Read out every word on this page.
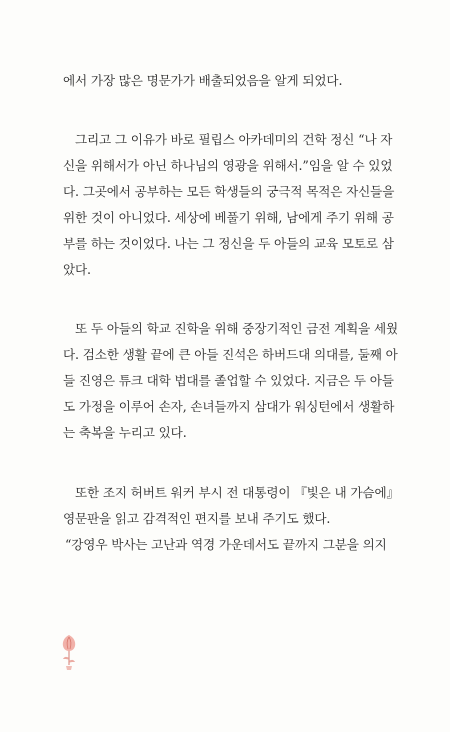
에서 가장 많은 명문가가 배출되었음을 알게 되었다.
그리고 그 이유가 바로 필립스 아카데미의 건학 정신 “나 자
신을 위해서가 아닌 하나님의 영광을 위해서.”임을 알 수 있었
다. 그곳에서 공부하는 모든 학생들의 궁극적 목적은 자신들을
위한 것이 아니었다. 세상에 베풀기 위해, 남에게 주기 위해 공
부를 하는 것이었다. 나는 그 정신을 두 아들의 교육 모토로 삼
았다.
또 두 아들의 학교 진학을 위해 중장기적인 금전 계획을 세웠
다. 검소한 생활 끝에 큰 아들 진석은 하버드대 의대를, 둘째 아
들 진영은 튜크 대학 법대를 졸업할 수 있었다. 지금은 두 아들
도 가정을 이루어 손자, 손녀들까지 삼대가 워싱턴에서 생활하
는 축복을 누리고 있다.
또한 조지 허버트 워커 부시 전 대통령이 『빛은 내 가슴에』
영문판을 읽고 감격적인 편지를 보내 주기도 했다.
“강영우 박사는 고난과 역경 가운데서도 끝까지 그분을 의지
